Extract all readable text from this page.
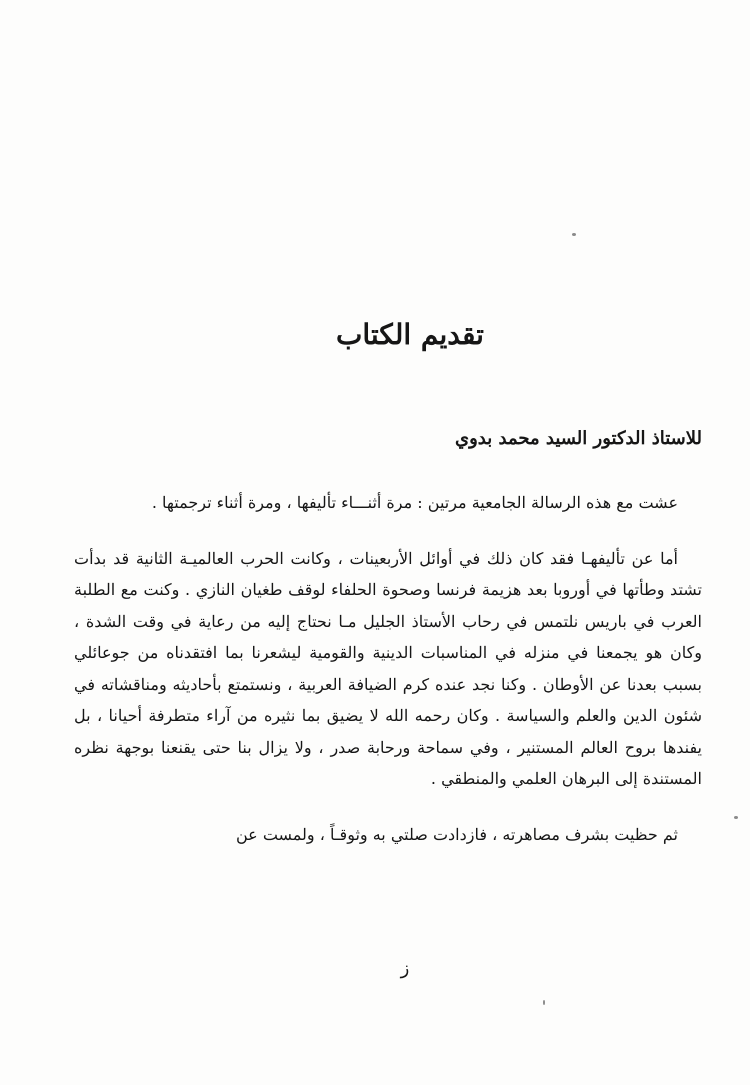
تقديم الكتاب
للاستاذ الدكتور السيد محمد بدوي

عشت مع هذه الرسالة الجامعية مرتين : مرة أثنـــاء تأليفها ، ومرة أثناء ترجمتها .

أما عن تأليفهـا فقد كان ذلك في أوائل الأربعينات ، وكانت الحرب العالميـة الثانية قد بدأت تشتد وطأتها في أوروبا بعد هزيمة فرنسا وصحوة الحلفاء لوقف طغيان النازي . وكنت مع الطلبة العرب في باريس نلتمس في رحاب الأستاذ الجليل مـا نحتاج إليه من رعاية في وقت الشدة ، وكان هو يجمعنا في منزله في المناسبات الدينية والقومية ليشعرنا بما افتقدناه من جوعائلي بسبب بعدنا عن الأوطان . وكنا نجد عنده كرم الضيافة العربية ، ونستمتع بأحاديثه ومناقشاته في شئون الدين والعلم والسياسة . وكان رحمه الله لا يضيق بما نثيره من آراء متطرفة أحيانا ، بل يفندها بروح العالم المستنير ، وفي سماحة ورحابة صدر ، ولا يزال بنا حتى يقنعنا بوجهة نظره المستندة إلى البرهان العلمي والمنطقي .

ثم حظيت بشرف مصاهرته ، فازدادت صلتي به وثوقـاً ، ولمست عن

ز
